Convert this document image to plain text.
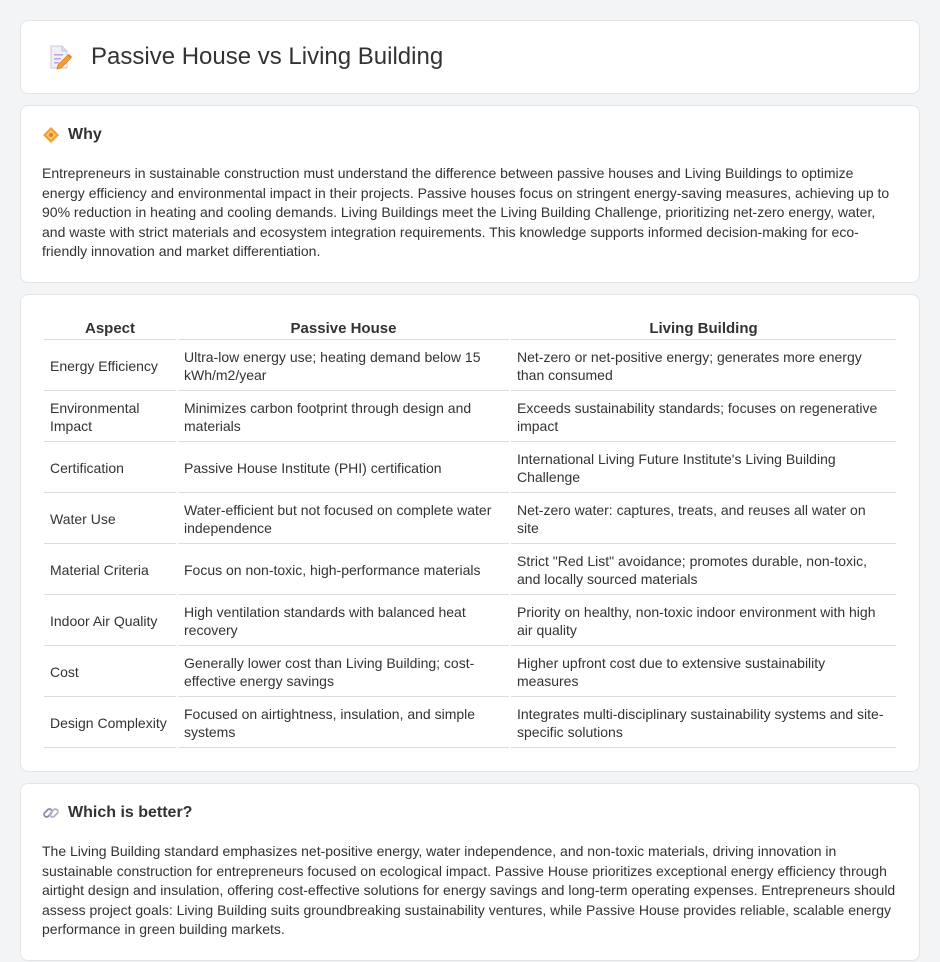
Passive House vs Living Building
Why

Entrepreneurs in sustainable construction must understand the difference between passive houses and Living Buildings to optimize energy efficiency and environmental impact in their projects. Passive houses focus on stringent energy-saving measures, achieving up to 90% reduction in heating and cooling demands. Living Buildings meet the Living Building Challenge, prioritizing net-zero energy, water, and waste with strict materials and ecosystem integration requirements. This knowledge supports informed decision-making for eco-friendly innovation and market differentiation.

Aspect	Passive House	Living Building
Energy Efficiency	Ultra-low energy use; heating demand below 15 kWh/m2/year	Net-zero or net-positive energy; generates more energy than consumed
Environmental Impact	Minimizes carbon footprint through design and materials	Exceeds sustainability standards; focuses on regenerative impact
Certification	Passive House Institute (PHI) certification	International Living Future Institute's Living Building Challenge
Water Use	Water-efficient but not focused on complete water independence	Net-zero water: captures, treats, and reuses all water on site
Material Criteria	Focus on non-toxic, high-performance materials	Strict "Red List" avoidance; promotes durable, non-toxic, and locally sourced materials
Indoor Air Quality	High ventilation standards with balanced heat recovery	Priority on healthy, non-toxic indoor environment with high air quality
Cost	Generally lower cost than Living Building; cost-effective energy savings	Higher upfront cost due to extensive sustainability measures
Design Complexity	Focused on airtightness, insulation, and simple systems	Integrates multi-disciplinary sustainability systems and site-specific solutions
Which is better?

The Living Building standard emphasizes net-positive energy, water independence, and non-toxic materials, driving innovation in sustainable construction for entrepreneurs focused on ecological impact. Passive House prioritizes exceptional energy efficiency through airtight design and insulation, offering cost-effective solutions for energy savings and long-term operating expenses. Entrepreneurs should assess project goals: Living Building suits groundbreaking sustainability ventures, while Passive House provides reliable, scalable energy performance in green building markets.
